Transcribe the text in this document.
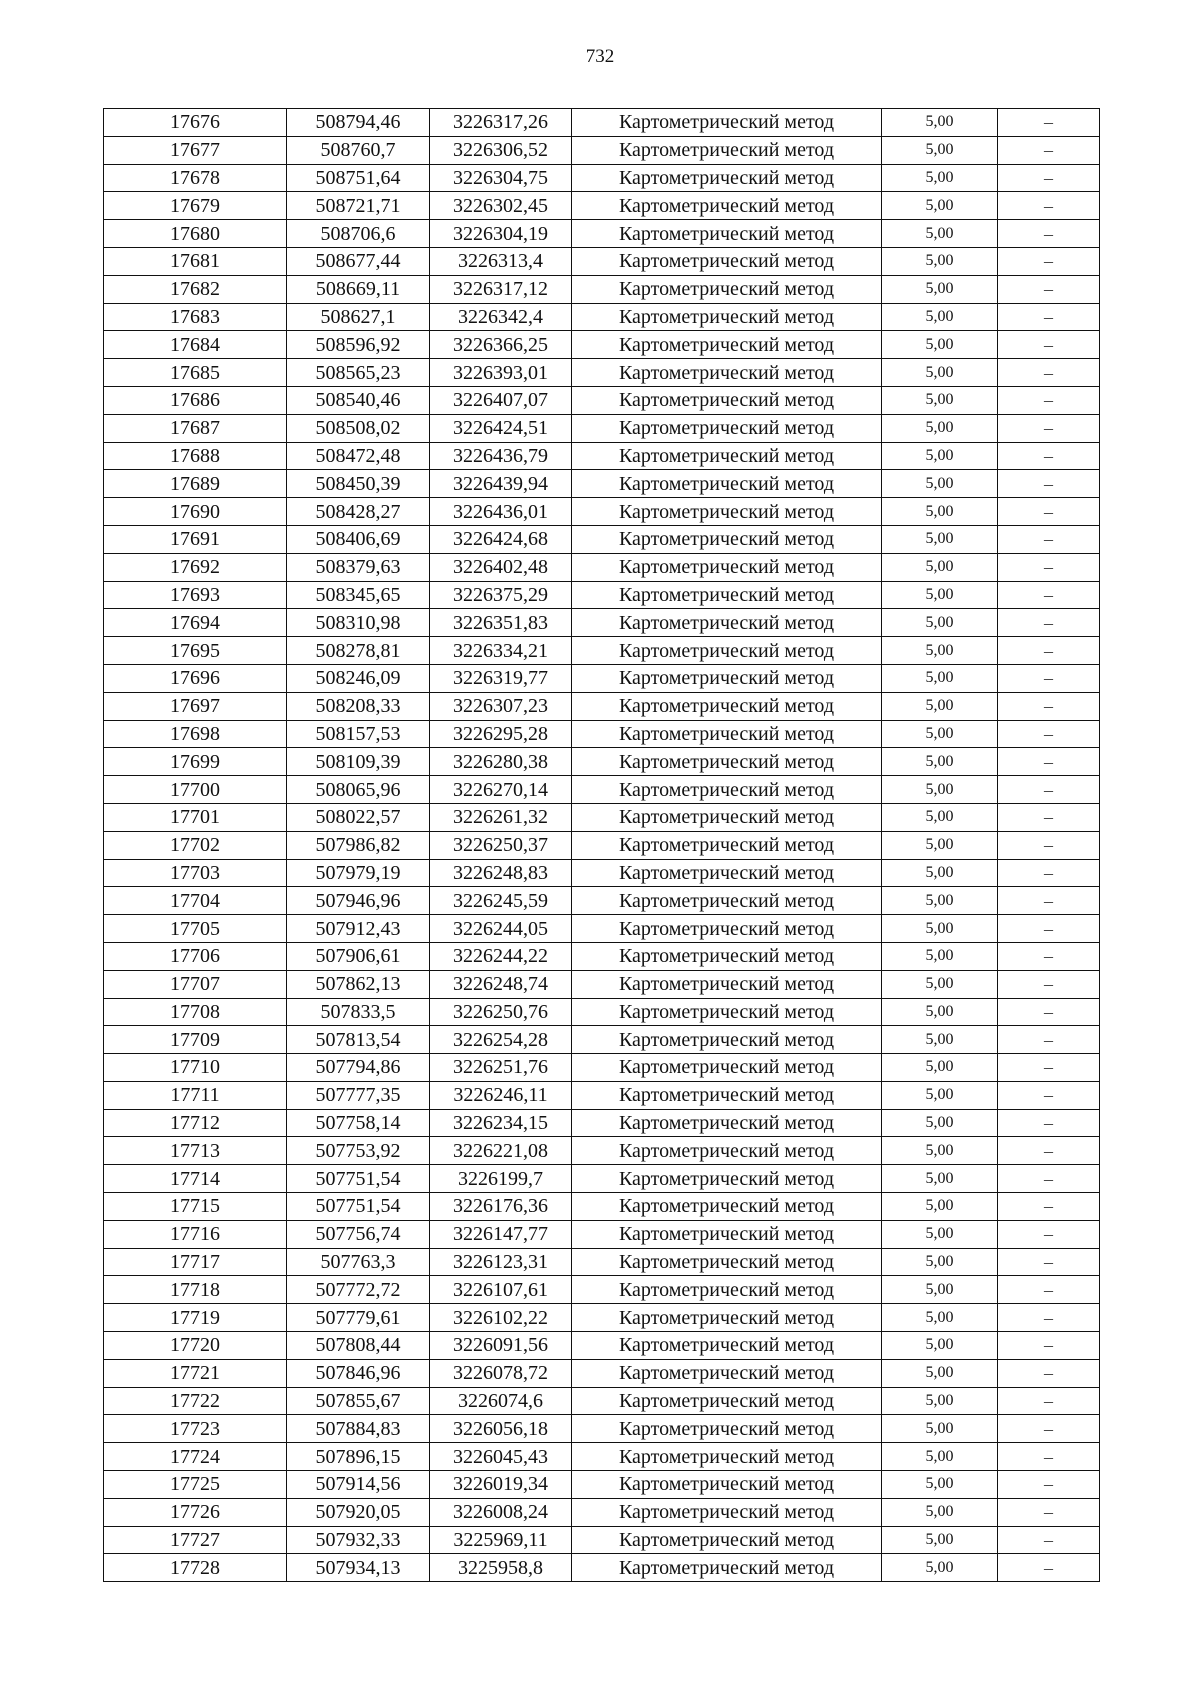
732
17676	508794,46	3226317,26	Картометрический метод	5,00	–
17677	508760,7	3226306,52	Картометрический метод	5,00	–
17678	508751,64	3226304,75	Картометрический метод	5,00	–
17679	508721,71	3226302,45	Картометрический метод	5,00	–
17680	508706,6	3226304,19	Картометрический метод	5,00	–
17681	508677,44	3226313,4	Картометрический метод	5,00	–
17682	508669,11	3226317,12	Картометрический метод	5,00	–
17683	508627,1	3226342,4	Картометрический метод	5,00	–
17684	508596,92	3226366,25	Картометрический метод	5,00	–
17685	508565,23	3226393,01	Картометрический метод	5,00	–
17686	508540,46	3226407,07	Картометрический метод	5,00	–
17687	508508,02	3226424,51	Картометрический метод	5,00	–
17688	508472,48	3226436,79	Картометрический метод	5,00	–
17689	508450,39	3226439,94	Картометрический метод	5,00	–
17690	508428,27	3226436,01	Картометрический метод	5,00	–
17691	508406,69	3226424,68	Картометрический метод	5,00	–
17692	508379,63	3226402,48	Картометрический метод	5,00	–
17693	508345,65	3226375,29	Картометрический метод	5,00	–
17694	508310,98	3226351,83	Картометрический метод	5,00	–
17695	508278,81	3226334,21	Картометрический метод	5,00	–
17696	508246,09	3226319,77	Картометрический метод	5,00	–
17697	508208,33	3226307,23	Картометрический метод	5,00	–
17698	508157,53	3226295,28	Картометрический метод	5,00	–
17699	508109,39	3226280,38	Картометрический метод	5,00	–
17700	508065,96	3226270,14	Картометрический метод	5,00	–
17701	508022,57	3226261,32	Картометрический метод	5,00	–
17702	507986,82	3226250,37	Картометрический метод	5,00	–
17703	507979,19	3226248,83	Картометрический метод	5,00	–
17704	507946,96	3226245,59	Картометрический метод	5,00	–
17705	507912,43	3226244,05	Картометрический метод	5,00	–
17706	507906,61	3226244,22	Картометрический метод	5,00	–
17707	507862,13	3226248,74	Картометрический метод	5,00	–
17708	507833,5	3226250,76	Картометрический метод	5,00	–
17709	507813,54	3226254,28	Картометрический метод	5,00	–
17710	507794,86	3226251,76	Картометрический метод	5,00	–
17711	507777,35	3226246,11	Картометрический метод	5,00	–
17712	507758,14	3226234,15	Картометрический метод	5,00	–
17713	507753,92	3226221,08	Картометрический метод	5,00	–
17714	507751,54	3226199,7	Картометрический метод	5,00	–
17715	507751,54	3226176,36	Картометрический метод	5,00	–
17716	507756,74	3226147,77	Картометрический метод	5,00	–
17717	507763,3	3226123,31	Картометрический метод	5,00	–
17718	507772,72	3226107,61	Картометрический метод	5,00	–
17719	507779,61	3226102,22	Картометрический метод	5,00	–
17720	507808,44	3226091,56	Картометрический метод	5,00	–
17721	507846,96	3226078,72	Картометрический метод	5,00	–
17722	507855,67	3226074,6	Картометрический метод	5,00	–
17723	507884,83	3226056,18	Картометрический метод	5,00	–
17724	507896,15	3226045,43	Картометрический метод	5,00	–
17725	507914,56	3226019,34	Картометрический метод	5,00	–
17726	507920,05	3226008,24	Картометрический метод	5,00	–
17727	507932,33	3225969,11	Картометрический метод	5,00	–
17728	507934,13	3225958,8	Картометрический метод	5,00	–
